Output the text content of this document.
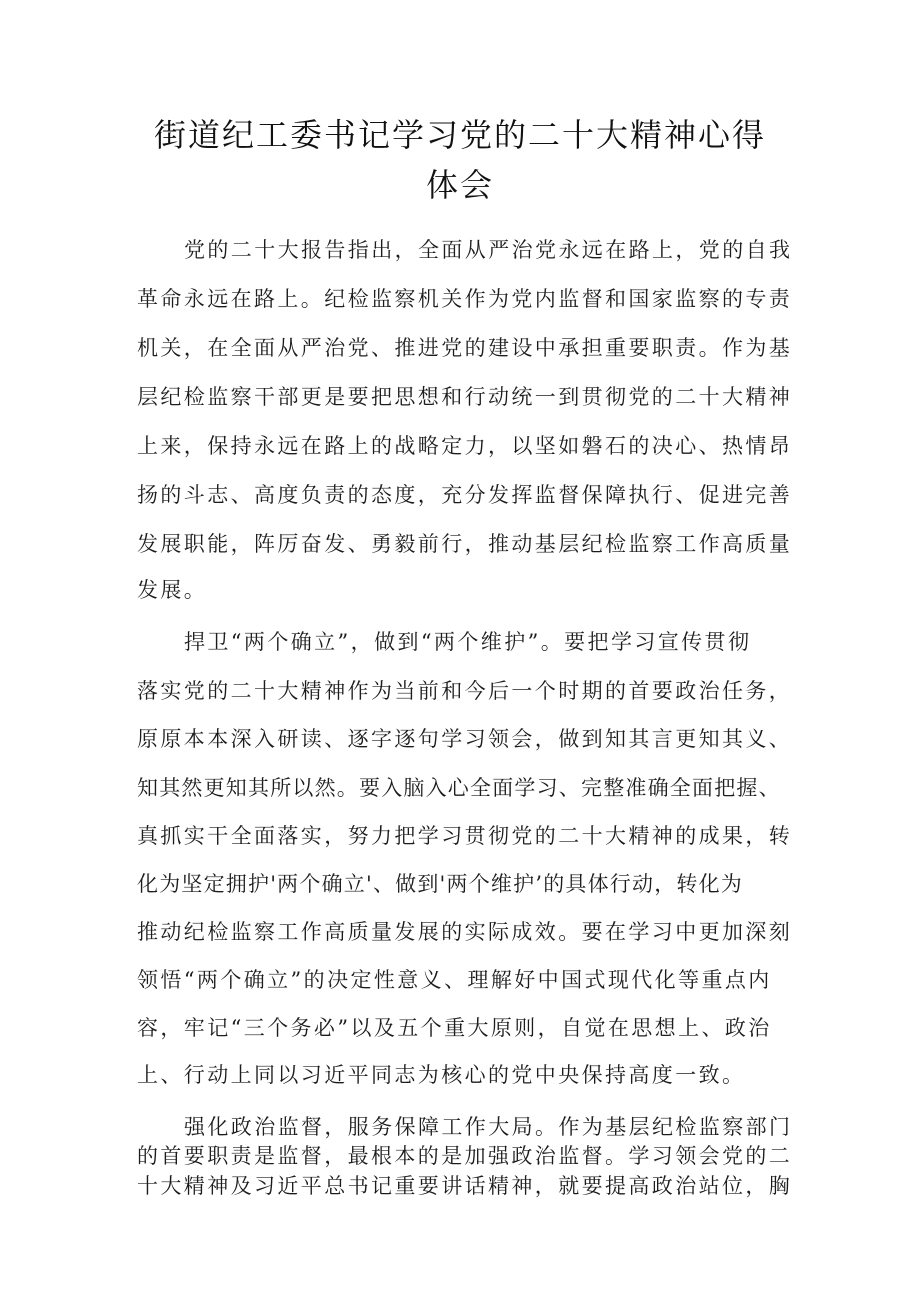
街道纪工委书记学习党的二十大精神心得
体会
党的二十大报告指出，全面从严治党永远在路上，党的自我
革命永远在路上。纪检监察机关作为党内监督和国家监察的专责
机关，在全面从严治党、推进党的建设中承担重要职责。作为基
层纪检监察干部更是要把思想和行动统一到贯彻党的二十大精神
上来，保持永远在路上的战略定力，以坚如磐石的决心、热情昂
扬的斗志、高度负责的态度，充分发挥监督保障执行、促进完善
发展职能，阵厉奋发、勇毅前行，推动基层纪检监察工作高质量
发展。
捍卫“两个确立”，做到“两个维护”。要把学习宣传贯彻
落实党的二十大精神作为当前和今后一个时期的首要政治任务，
原原本本深入研读、逐字逐句学习领会，做到知其言更知其义、
知其然更知其所以然。要入脑入心全面学习、完整准确全面把握、
真抓实干全面落实，努力把学习贯彻党的二十大精神的成果，转
化为坚定拥护'两个确立'、做到'两个维护’的具体行动，转化为
推动纪检监察工作高质量发展的实际成效。要在学习中更加深刻
领悟“两个确立”的决定性意义、理解好中国式现代化等重点内
容，牢记“三个务必”以及五个重大原则，自觉在思想上、政治
上、行动上同以习近平同志为核心的党中央保持高度一致。
强化政治监督，服务保障工作大局。作为基层纪检监察部门
的首要职责是监督，最根本的是加强政治监督。学习领会党的二
十大精神及习近平总书记重要讲话精神，就要提高政治站位，胸
